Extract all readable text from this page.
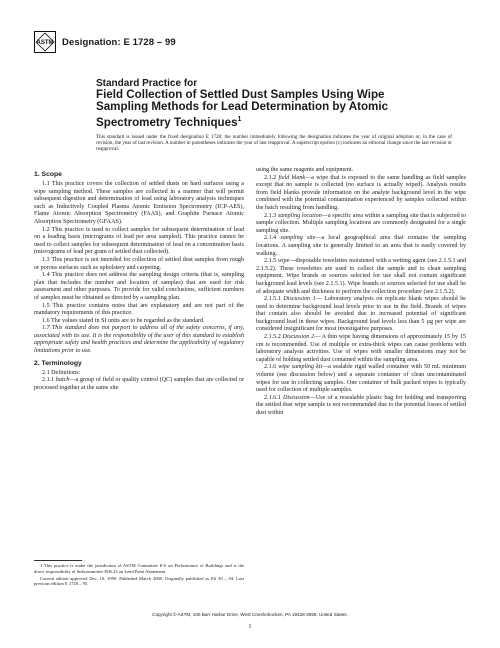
ASTM Designation: E 1728 – 99
Standard Practice for
Field Collection of Settled Dust Samples Using Wipe
Sampling Methods for Lead Determination by Atomic
Spectrometry Techniques$^1$
This standard is issued under the fixed designation E 1728; the number immediately following the designation indicates the year of original adoption or, in the case of revision, the year of last revision. A number in parentheses indicates the year of last reapproval. A superscript epsilon (ε) indicates an editorial change since the last revision or reapproval.

1. Scope

1.1 This practice covers the collection of settled dusts on hard surfaces using a wipe sampling method. These samples are collected in a manner that will permit subsequent digestion and determination of lead using laboratory analysis techniques such as Inductively Coupled Plasma Atomic Emission Spectrometry (ICP-AES), Flame Atomic Absorption Spectrometry (FAAS), and Graphite Furnace Atomic Absorption Spectrometry (GFAAS).

1.2 This practice is used to collect samples for subsequent determination of lead on a loading basis (micrograms of lead per area sampled). This practice cannot be used to collect samples for subsequent determination of lead on a concentration basis (micrograms of lead per gram of settled dust collected).

1.3 This practice is not intended for collection of settled dust samples from rough or porous surfaces such as upholstery and carpeting.

1.4 This practice does not address the sampling design criteria (that is, sampling plan that includes the number and location of samples) that are used for risk assessment and other purposes. To provide for valid conclusions, sufficient numbers of samples must be obtained as directed by a sampling plan.

1.5 This practice contains notes that are explanatory and are not part of the mandatory requirements of this practice.

1.6 The values stated in SI units are to be regarded as the standard.

1.7 This standard does not purport to address all of the safety concerns, if any, associated with its use. It is the responsibility of the user of this standard to establish appropriate safety and health practices and determine the applicability of regulatory limitations prior to use.

2. Terminology

2.1 Definitions:

2.1.1 batch—a group of field or quality control (QC) samples that are collected or processed together at the same site

1 This practice is under the jurisdiction of ASTM Committee E-6 on Performance of Buildings and is the direct responsibility of Subcommittee E06.23 on Lead Paint Abatement.

Current edition approved Dec. 10, 1999. Published March 2000. Originally published as ES 30 – 94. Last previous edition E 1728 – 95.

using the same reagents and equipment.

2.1.2 field blank—a wipe that is exposed to the same handling as field samples except that no sample is collected (no surface is actually wiped). Analysis results from field blanks provide information on the analyte background level in the wipe combined with the potential contamination experienced by samples collected within the batch resulting from handling.

2.1.3 sampling location—a specific area within a sampling site that is subjected to sample collection. Multiple sampling locations are commonly designated for a single sampling site.

2.1.4 sampling site—a local geographical area that contains the sampling locations. A sampling site is generally limited to an area that is easily covered by walking.

2.1.5 wipe—disposable towelettes moistened with a wetting agent (see 2.1.5.1 and 2.1.5.2). These towelettes are used to collect the sample and to clean sampling equipment. Wipe brands or sources selected for use shall not contain significant background lead levels (see 2.1.5.1). Wipe brands or sources selected for use shall be of adequate width and thickness to perform the collection procedure (see 2.1.5.2).

2.1.5.1 Discussion 1— Laboratory analysis on replicate blank wipes should be used to determine background lead levels prior to use in the field. Brands of wipes that contain also should be avoided due to increased potential of significant background lead in these wipes. Background lead levels less than 5 µg per wipe are considered insignificant for most investigative purposes.

2.1.5.2 Discussion 2— A thin wipe having dimensions of approximately 15 by 15 cm is recommended. Use of multiple or extra-thick wipes can cause problems with laboratory analysis activities. Use of wipes with smaller dimensions may not be capable of holding settled dust contained within the sampling area.

2.1.6 wipe sampling kit—a sealable rigid walled container with 50 mL minimum volume (see discussion below) and a separate container of clean uncontaminated wipes for use in collecting samples. One container of bulk packed wipes is typically used for collection of multiple samples.

2.1.6.1 Discussion—Use of a resealable plastic bag for holding and transporting the settled dust wipe sample is not recommended due to the potential losses of settled dust within

Copyright © ASTM, 100 Barr Harbor Drive, West Conshohocken, PA 19428-2959, United States.
1
